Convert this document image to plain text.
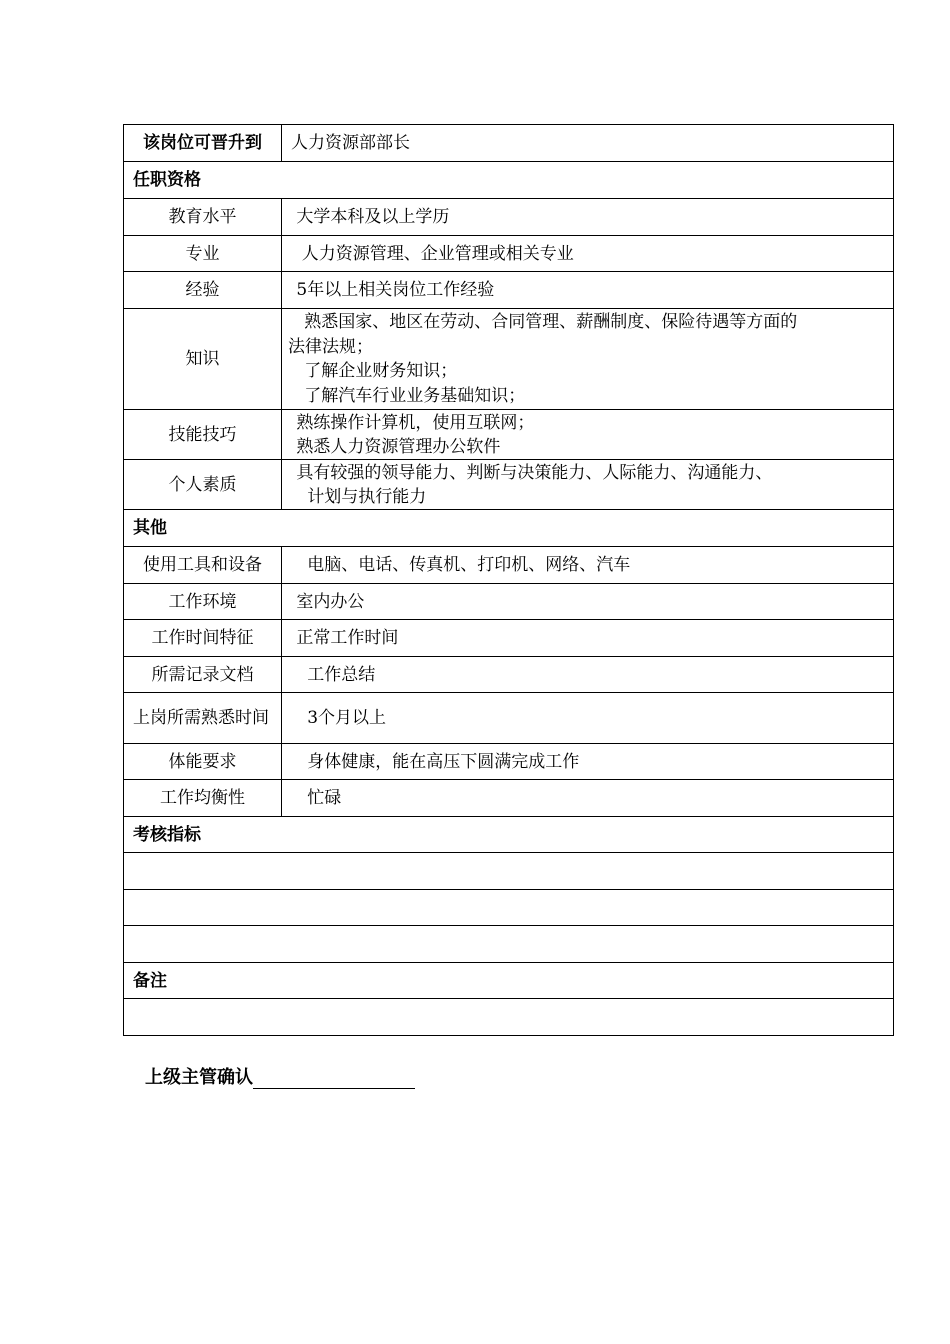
该岗位可晋升到	人力资源部部长
任职资格	
教育水平	大学本科及以上学历

专业	人力资源管理、企业管理或相关专业

经验	5年以上相关岗位工作经验

知识	熟悉国家、地区在劳动、合同管理、薪酬制度、保险待遇等方面的
法律法规；
了解企业财务知识；
了解汽车行业业务基础知识；

技能技巧	熟练操作计算机，使用互联网；
熟悉人力资源管理办公软件

个人素质	具有较强的领导能力、判断与决策能力、人际能力、沟通能力、
计划与执行能力

其他	
使用工具和设备	电脑、电话、传真机、打印机、网络、汽车

工作环境	室内办公

工作时间特征	正常工作时间

所需记录文档	工作总结

上岗所需熟悉时间	3个月以上

体能要求	身体健康，能在高压下圆满完成工作

工作均衡性	忙碌

考核指标	

备注	

上级主管确认
